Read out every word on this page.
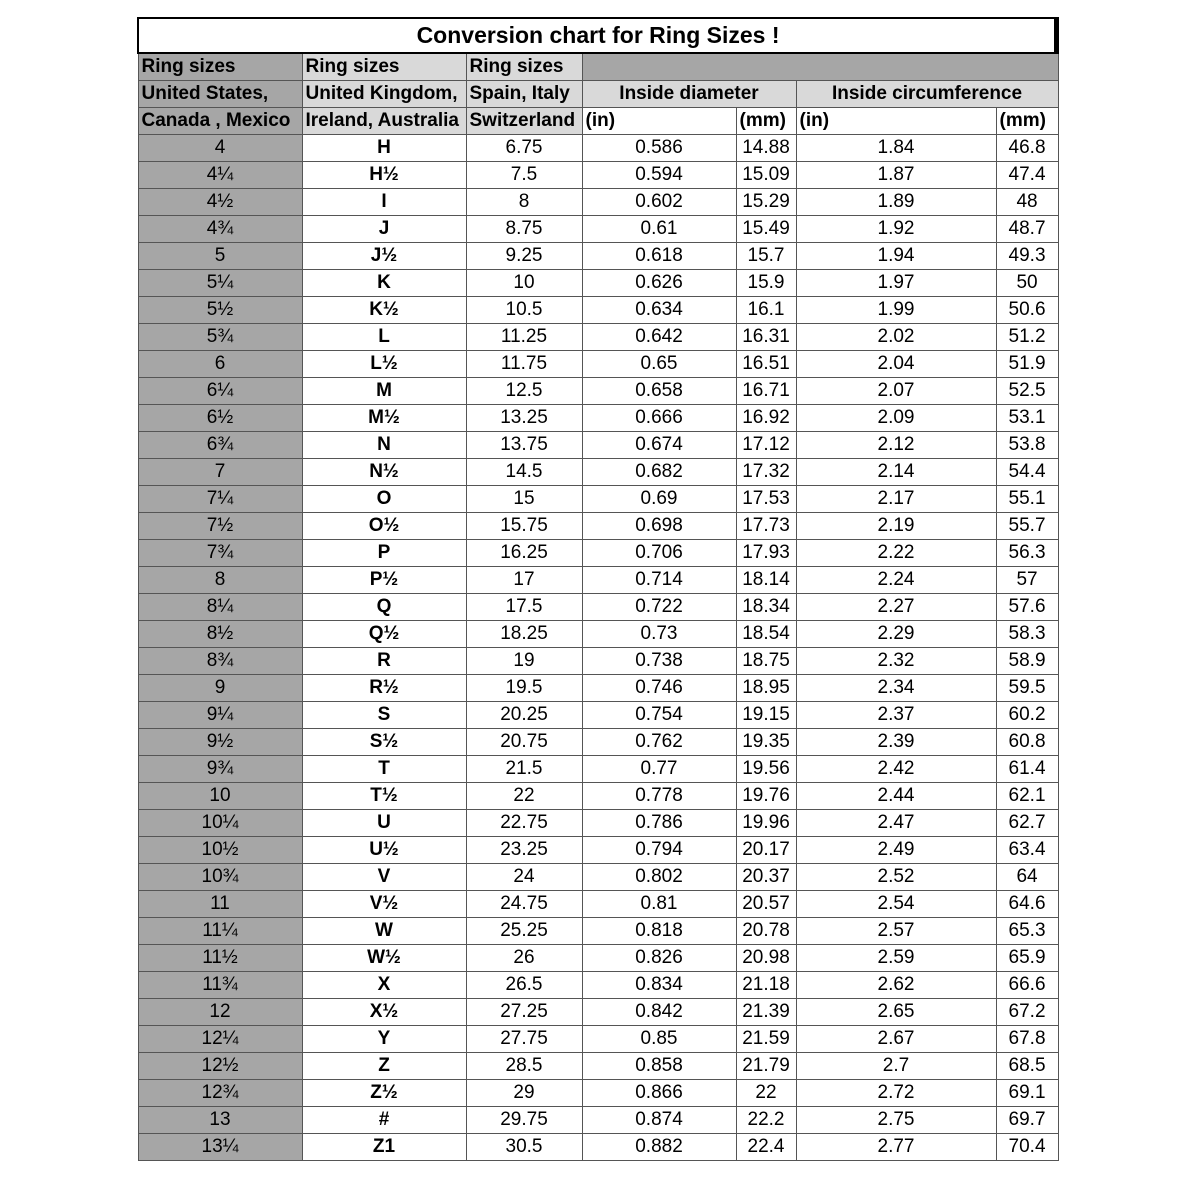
Conversion chart for Ring Sizes !						
Ring sizes	Ring sizes	Ring sizes				
United States,	United Kingdom,	Spain, Italy	Inside diameter		Inside circumference	
Canada , Mexico	Ireland, Australia	Switzerland	(in)	(mm)	(in)	(mm)
4	H	6.75	0.586	14.88	1.84	46.8
4¼	H½	7.5	0.594	15.09	1.87	47.4
4½	I	8	0.602	15.29	1.89	48
4¾	J	8.75	0.61	15.49	1.92	48.7
5	J½	9.25	0.618	15.7	1.94	49.3
5¼	K	10	0.626	15.9	1.97	50
5½	K½	10.5	0.634	16.1	1.99	50.6
5¾	L	11.25	0.642	16.31	2.02	51.2
6	L½	11.75	0.65	16.51	2.04	51.9
6¼	M	12.5	0.658	16.71	2.07	52.5
6½	M½	13.25	0.666	16.92	2.09	53.1
6¾	N	13.75	0.674	17.12	2.12	53.8
7	N½	14.5	0.682	17.32	2.14	54.4
7¼	O	15	0.69	17.53	2.17	55.1
7½	O½	15.75	0.698	17.73	2.19	55.7
7¾	P	16.25	0.706	17.93	2.22	56.3
8	P½	17	0.714	18.14	2.24	57
8¼	Q	17.5	0.722	18.34	2.27	57.6
8½	Q½	18.25	0.73	18.54	2.29	58.3
8¾	R	19	0.738	18.75	2.32	58.9
9	R½	19.5	0.746	18.95	2.34	59.5
9¼	S	20.25	0.754	19.15	2.37	60.2
9½	S½	20.75	0.762	19.35	2.39	60.8
9¾	T	21.5	0.77	19.56	2.42	61.4
10	T½	22	0.778	19.76	2.44	62.1
10¼	U	22.75	0.786	19.96	2.47	62.7
10½	U½	23.25	0.794	20.17	2.49	63.4
10¾	V	24	0.802	20.37	2.52	64
11	V½	24.75	0.81	20.57	2.54	64.6
11¼	W	25.25	0.818	20.78	2.57	65.3
11½	W½	26	0.826	20.98	2.59	65.9
11¾	X	26.5	0.834	21.18	2.62	66.6
12	X½	27.25	0.842	21.39	2.65	67.2
12¼	Y	27.75	0.85	21.59	2.67	67.8
12½	Z	28.5	0.858	21.79	2.7	68.5
12¾	Z½	29	0.866	22	2.72	69.1
13	#	29.75	0.874	22.2	2.75	69.7
13¼	Z1	30.5	0.882	22.4	2.77	70.4
